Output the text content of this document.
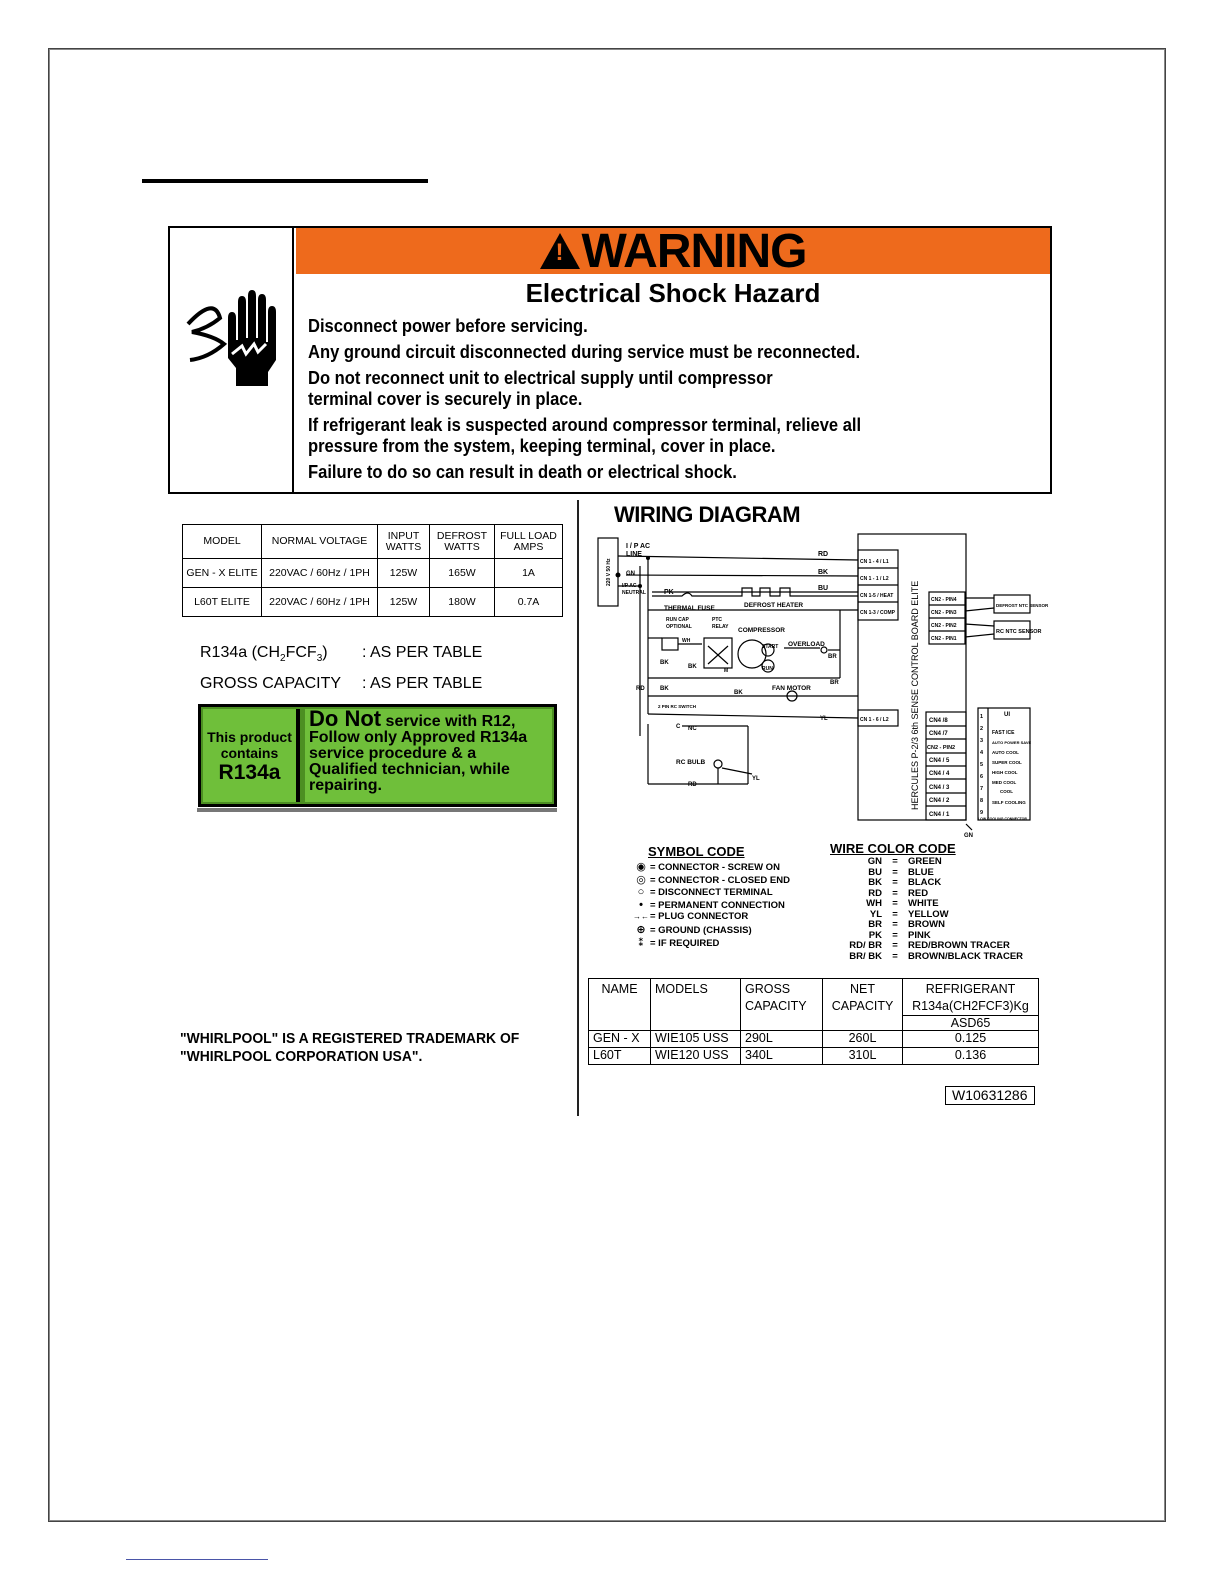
!WARNING
Electrical Shock Hazard

Disconnect power before servicing.

Any ground circuit disconnected during service must be reconnected.

Do not reconnect unit to electrical supply until compressor
terminal cover is securely in place.

If refrigerant leak is suspected around compressor terminal, relieve all
pressure from the system, keeping terminal, cover in place.

Failure to do so can result in death or electrical shock.

MODEL	NORMAL VOLTAGE	INPUT WATTS	DEFROST WATTS	FULL LOAD AMPS
GEN - X ELITE	220VAC / 60Hz / 1PH	125W	165W	1A
L60T ELITE	220VAC / 60Hz / 1PH	125W	180W	0.7A
R134a $(CH_2FCF_3)$ : AS PER TABLE
GROSS CAPACITY : AS PER TABLE
This product
contains
R134a
Do Not service with R12,
Follow only Approved R134a
service procedure & a
Qualified technician, while
repairing.
"WHIRLPOOL" IS A REGISTERED TRADEMARK OF
"WHIRLPOOL CORPORATION USA".
WIRING DIAGRAM
I / P AC
LINE
GN
I/P AC
NEUTRAL
220 V 50 Hz
RD
BK
BU
PK
THERMAL FUSE	DEFROST HEATER
RUN CAP
OPTIONAL
PTC
RELAY COMPRESSOR
OVERLOAD
START
RUN
M
WH
BK
BK
BR
BR
RD	BK
BK
FAN MOTOR
2 PIN RC SWITCH
C NC
YL
RC BULB
YL
RD
CN 1 - 4 / L1
CN 1 - 1 / L2
CN 1-5 / HEAT
CN 1-3 / COMP
CN 1 - 6 / L2 HERCULES P-2/3 6th SENSE CONTROL BOARD ELITE CN2 - PIN4
CN2 - PIN3
CN2 - PIN2
CN2 - PIN1
DEFROST NTC SENSOR
RC NTC SENSOR
CN4 /8
CN4 /7
CN2 - PIN2
CN4 / 5
CN4 / 4
CN4 / 3
CN4 / 2
CN4 / 1
1
2
3
4
5
6
7
8
9
UI
FAST ICE
AUTO POWER SAVE
AUTO COOL
SUPER COOL
HIGH COOL
MED COOL
COOL
SELF COOLING
LOW COOLING CONNECTOR
GN
SYMBOL CODE
◉ = CONNECTOR - SCREW ON
◎ = CONNECTOR - CLOSED END
○ = DISCONNECT TERMINAL
• = PERMANENT CONNECTION
→←= PLUG CONNECTOR
⊕ = GROUND (CHASSIS)
⁑ = IF REQUIRED
WIRE COLOR CODE
GN = GREEN
BU = BLUE
BK = BLACK
RD = RED
WH = WHITE
YL = YELLOW
BR = BROWN
PK = PINK
RD/ BR = RED/BROWN TRACER
BR/ BK = BROWN/BLACK TRACER
NAME	MODELS	GROSS CAPACITY	NET CAPACITY	REFRIGERANT
R134a(CH2FCF3)Kg
ASD65

GEN - X	WIE105 USS	290L	260L	0.125
L60T	WIE120 USS	340L	310L	0.136
W10631286
